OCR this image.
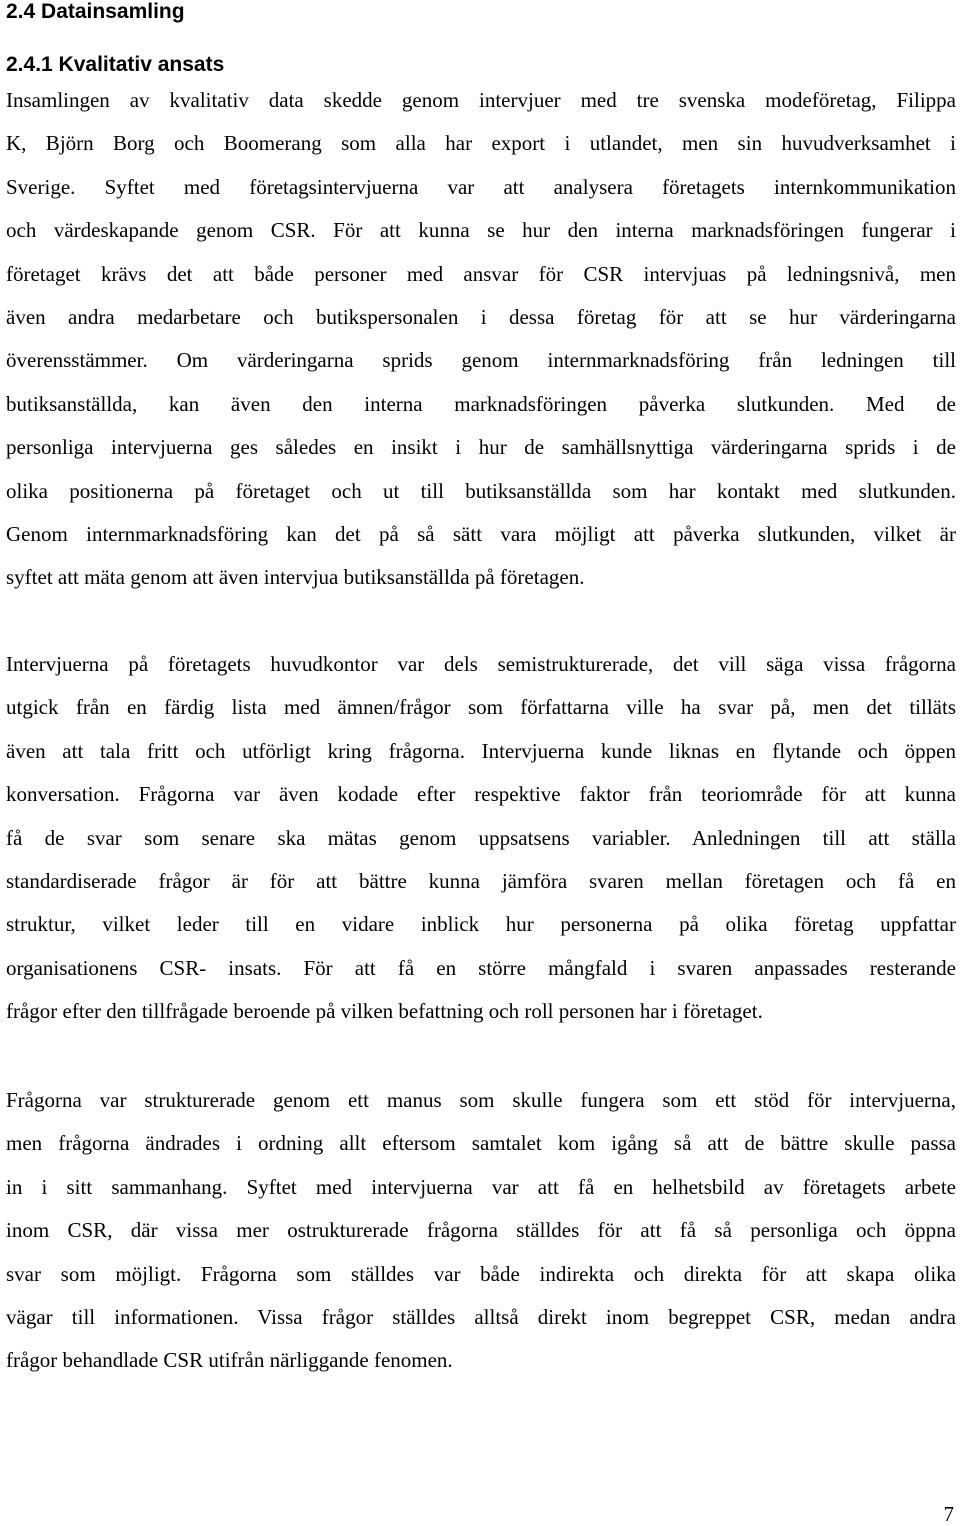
2.4 Datainsamling
2.4.1 Kvalitativ ansats

Insamlingen av kvalitativ data skedde genom intervjuer med tre svenska modeföretag, Filippa
K, Björn Borg och Boomerang som alla har export i utlandet, men sin huvudverksamhet i
Sverige. Syftet med företagsintervjuerna var att analysera företagets internkommunikation
och värdeskapande genom CSR. För att kunna se hur den interna marknadsföringen fungerar i
företaget krävs det att både personer med ansvar för CSR intervjuas på ledningsnivå, men
även andra medarbetare och butikspersonalen i dessa företag för att se hur värderingarna
överensstämmer. Om värderingarna sprids genom internmarknadsföring från ledningen till
butiksanställda, kan även den interna marknadsföringen påverka slutkunden. Med de
personliga intervjuerna ges således en insikt i hur de samhällsnyttiga värderingarna sprids i de
olika positionerna på företaget och ut till butiksanställda som har kontakt med slutkunden.
Genom internmarknadsföring kan det på så sätt vara möjligt att påverka slutkunden, vilket är
syftet att mäta genom att även intervjua butiksanställda på företagen.

Intervjuerna på företagets huvudkontor var dels semistrukturerade, det vill säga vissa frågorna
utgick från en färdig lista med ämnen/frågor som författarna ville ha svar på, men det tilläts
även att tala fritt och utförligt kring frågorna. Intervjuerna kunde liknas en flytande och öppen
konversation. Frågorna var även kodade efter respektive faktor från teoriområde för att kunna
få de svar som senare ska mätas genom uppsatsens variabler. Anledningen till att ställa
standardiserade frågor är för att bättre kunna jämföra svaren mellan företagen och få en
struktur, vilket leder till en vidare inblick hur personerna på olika företag uppfattar
organisationens CSR- insats. För att få en större mångfald i svaren anpassades resterande
frågor efter den tillfrågade beroende på vilken befattning och roll personen har i företaget.

Frågorna var strukturerade genom ett manus som skulle fungera som ett stöd för intervjuerna,
men frågorna ändrades i ordning allt eftersom samtalet kom igång så att de bättre skulle passa
in i sitt sammanhang. Syftet med intervjuerna var att få en helhetsbild av företagets arbete
inom CSR, där vissa mer ostrukturerade frågorna ställdes för att få så personliga och öppna
svar som möjligt. Frågorna som ställdes var både indirekta och direkta för att skapa olika
vägar till informationen. Vissa frågor ställdes alltså direkt inom begreppet CSR, medan andra
frågor behandlade CSR utifrån närliggande fenomen.

7
